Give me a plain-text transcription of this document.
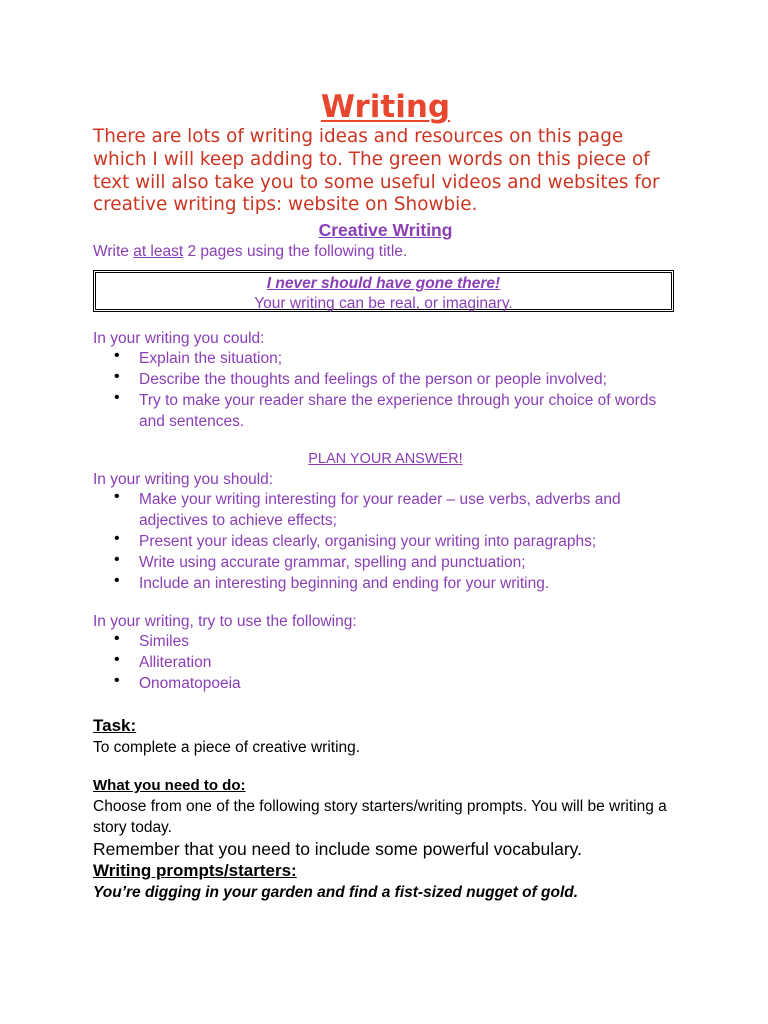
Writing

There are lots of writing ideas and resources on this page which I will keep adding to. The green words on this piece of text will also take you to some useful videos and websites for creative writing tips: website on Showbie.

Creative Writing
Write at least 2 pages using the following title.
I never should have gone there!
Your writing can be real, or imaginary.
In your writing you could:
• Explain the situation;
• Describe the thoughts and feelings of the person or people involved;
• Try to make your reader share the experience through your choice of words and sentences.
PLAN YOUR ANSWER!
In your writing you should:
• Make your writing interesting for your reader – use verbs, adverbs and adjectives to achieve effects;
• Present your ideas clearly, organising your writing into paragraphs;
• Write using accurate grammar, spelling and punctuation;
• Include an interesting beginning and ending for your writing.
In your writing, try to use the following:
• Similes
• Alliteration
• Onomatopoeia
Task:
To complete a piece of creative writing.
What you need to do:
Choose from one of the following story starters/writing prompts. You will be writing a story today.
Remember that you need to include some powerful vocabulary.
Writing prompts/starters:
You’re digging in your garden and find a fist-sized nugget of gold.
